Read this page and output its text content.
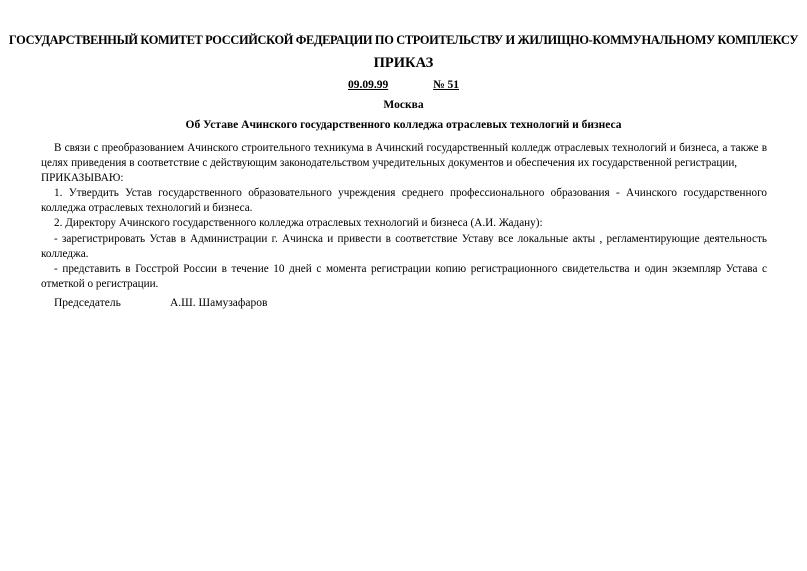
ГОСУДАРСТВЕННЫЙ КОМИТЕТ РОССИЙСКОЙ ФЕДЕРАЦИИ ПО СТРОИТЕЛЬСТВУ И ЖИЛИЩНО-КОММУНАЛЬНОМУ КОМПЛЕКСУ
ПРИКАЗ
09.09.99	№ 51
Москва
Об Уставе Ачинского государственного колледжа отраслевых технологий и бизнеса

В связи с преобразованием Ачинского строительного техникума в Ачинский государственный колледж отраслевых технологий и бизнеса, а также в целях приведения в соответствие с действующим законодательством учредительных документов и обеспечения их государственной регистрации,

ПРИКАЗЫВАЮ:

1. Утвердить Устав государственного образовательного учреждения среднего профессионального образования - Ачинского государственного колледжа отраслевых технологий и бизнеса.

2. Директору Ачинского государственного колледжа отраслевых технологий и бизнеса (А.И. Жадану):

- зарегистрировать Устав в Администрации г. Ачинска и привести в соответствие Уставу все локальные акты , регламентирующие деятельность колледжа.

- представить в Госстрой России в течение 10 дней с момента регистрации копию регистрационного свидетельства и один экземпляр Устава с отметкой о регистрации.

Председатель	А.Ш. Шамузафаров
